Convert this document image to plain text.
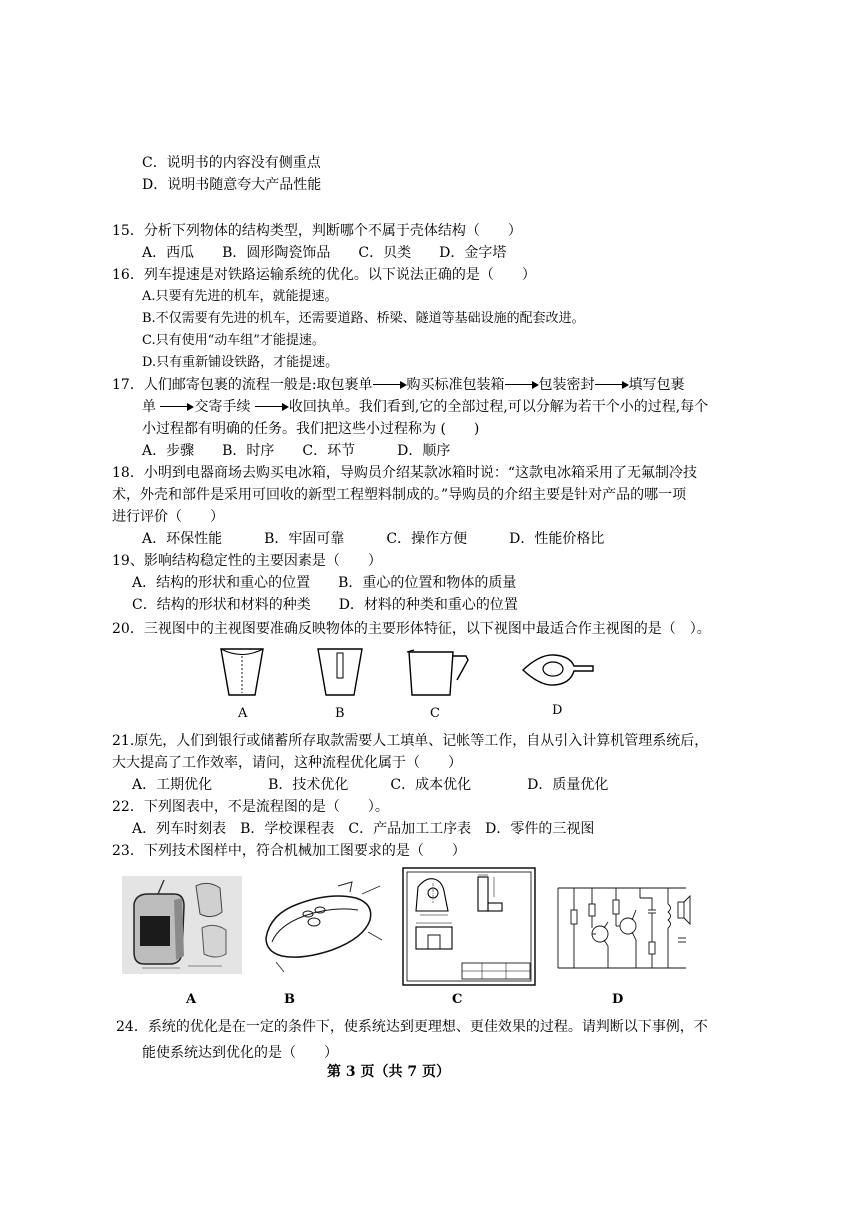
C．说明书的内容没有侧重点
D．说明书随意夸大产品性能
15．分析下列物体的结构类型，判断哪个不属于壳体结构（　　）
A．西瓜　　B．圆形陶瓷饰品　　C．贝类　　D．金字塔
16．列车提速是对铁路运输系统的优化。以下说法正确的是（　　）
A.只要有先进的机车，就能提速。
B.不仅需要有先进的机车，还需要道路、桥梁、隧道等基础设施的配套改进。
C.只有使用“动车组”才能提速。
D.只有重新铺设铁路，才能提速。
17．人们邮寄包裹的流程一般是:取包裹单 购买标准包装箱 包装密封 填写包裹
单	交寄手续	收回执单。我们看到,它的全部过程,可以分解为若干个小的过程,每个
小过程都有明确的任务。我们把这些小过程称为 (　　)
A．步骤　　B．时序　　C．环节　　　D．顺序
18．小明到电器商场去购买电冰箱，导购员介绍某款冰箱时说：“这款电冰箱采用了无氟制冷技
术，外壳和部件是采用可回收的新型工程塑料制成的。”导购员的介绍主要是针对产品的哪一项
进行评价（　　）
A．环保性能　　　B．牢固可靠　　　C．操作方便　　　D．性能价格比
19、影响结构稳定性的主要因素是（　　）
A．结构的形状和重心的位置　　B．重心的位置和物体的质量
C．结构的形状和材料的种类　　D．材料的种类和重心的位置
20．三视图中的主视图要准确反映物体的主要形体特征，以下视图中最适合作主视图的是（　）。
A	B	C	D
21.原先，人们到银行或储蓄所存取款需要人工填单、记帐等工作，自从引入计算机管理系统后，
大大提高了工作效率，请问，这种流程优化属于（　　）
A．工期优化　　　　B．技术优化　　　C．成本优化　　　　D．质量优化
22．下列图表中，不是流程图的是（　　）。
A．列车时刻表　B．学校课程表　C．产品加工工序表　D．零件的三视图
23．下列技术图样中，符合机械加工图要求的是（　　）
A	B	C	D
24．系统的优化是在一定的条件下，使系统达到更理想、更佳效果的过程。请判断以下事例，不
能使系统达到优化的是（　　）
第 3 页（共 7 页）
